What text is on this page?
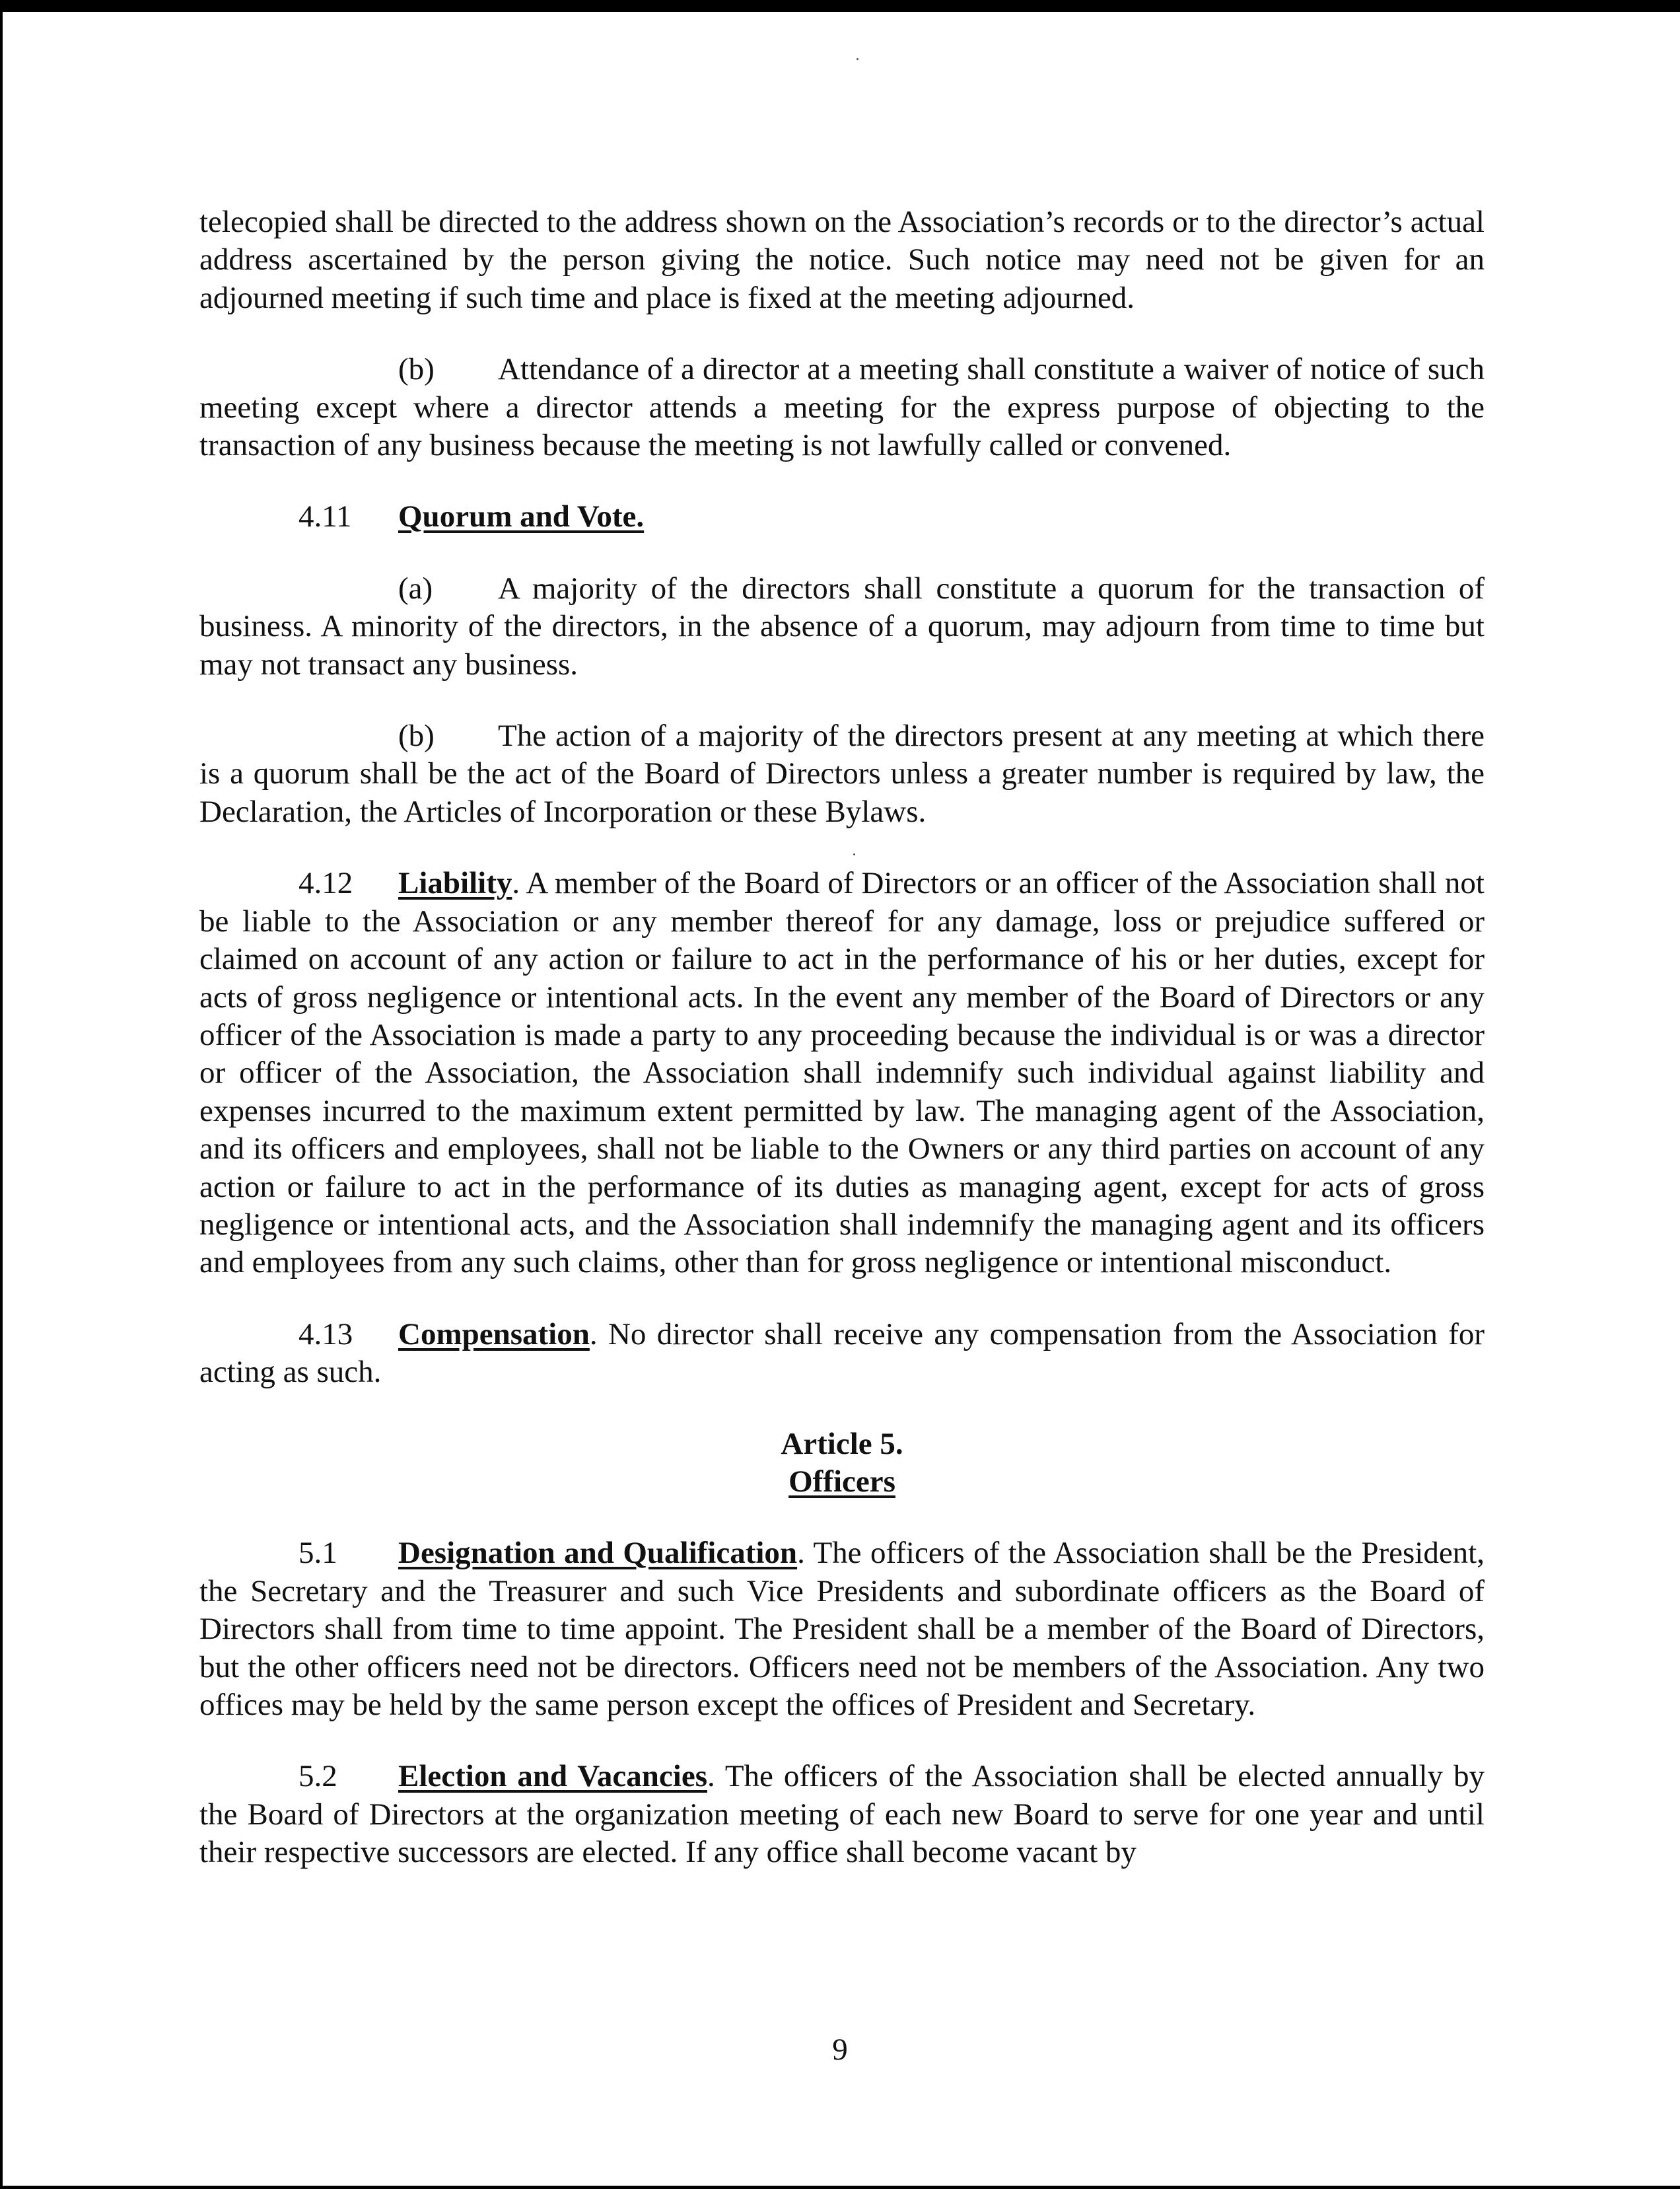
telecopied shall be directed to the address shown on the Association’s records or to the director’s actual address ascertained by the person giving the notice. Such notice may need not be given for an adjourned meeting if such time and place is fixed at the meeting adjourned.

(b) Attendance of a director at a meeting shall constitute a waiver of notice of such meeting except where a director attends a meeting for the express purpose of objecting to the transaction of any business because the meeting is not lawfully called or convened.

4.11 Quorum and Vote.

(a) A majority of the directors shall constitute a quorum for the transaction of business. A minority of the directors, in the absence of a quorum, may adjourn from time to time but may not transact any business.

(b) The action of a majority of the directors present at any meeting at which there is a quorum shall be the act of the Board of Directors unless a greater number is required by law, the Declaration, the Articles of Incorporation or these Bylaws.

4.12 Liability. A member of the Board of Directors or an officer of the Association shall not be liable to the Association or any member thereof for any damage, loss or prejudice suffered or claimed on account of any action or failure to act in the performance of his or her duties, except for acts of gross negligence or intentional acts. In the event any member of the Board of Directors or any officer of the Association is made a party to any proceeding because the individual is or was a director or officer of the Association, the Association shall indemnify such individual against liability and expenses incurred to the maximum extent permitted by law. The managing agent of the Association, and its officers and employees, shall not be liable to the Owners or any third parties on account of any action or failure to act in the performance of its duties as managing agent, except for acts of gross negligence or intentional acts, and the Association shall indemnify the managing agent and its officers and employees from any such claims, other than for gross negligence or intentional misconduct.

4.13 Compensation. No director shall receive any compensation from the Association for acting as such.

Article 5.
Officers

5.1 Designation and Qualification. The officers of the Association shall be the President, the Secretary and the Treasurer and such Vice Presidents and subordinate officers as the Board of Directors shall from time to time appoint. The President shall be a member of the Board of Directors, but the other officers need not be directors. Officers need not be members of the Association. Any two offices may be held by the same person except the offices of President and Secretary.

5.2 Election and Vacancies. The officers of the Association shall be elected annually by the Board of Directors at the organization meeting of each new Board to serve for one year and until their respective successors are elected. If any office shall become vacant by

9
